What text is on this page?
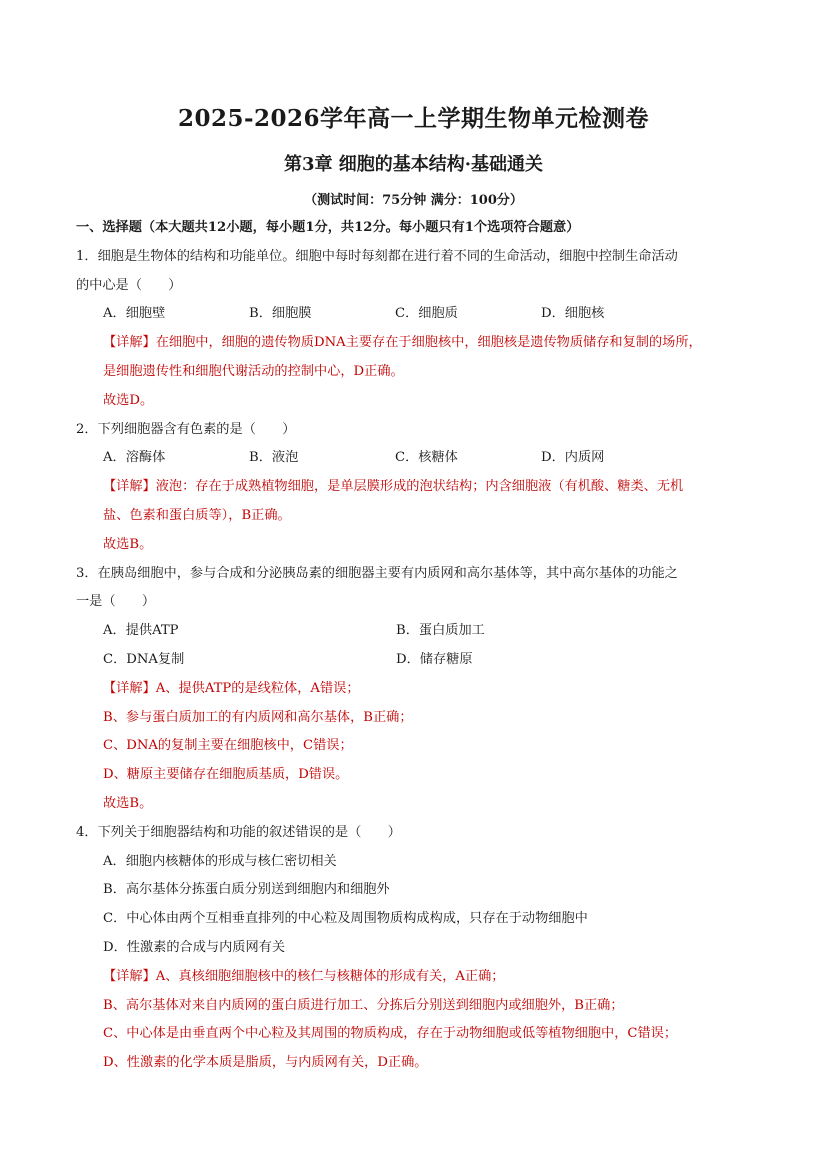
2025-2026学年高一上学期生物单元检测卷
第3章 细胞的基本结构·基础通关
（测试时间：75分钟 满分：100分）
一、选择题（本大题共12小题，每小题1分，共12分。每小题只有1个选项符合题意）
1．细胞是生物体的结构和功能单位。细胞中每时每刻都在进行着不同的生命活动，细胞中控制生命活动
的中心是（　　）
A．细胞壁	B．细胞膜	C．细胞质	D．细胞核
【详解】在细胞中，细胞的遗传物质DNA主要存在于细胞核中，细胞核是遗传物质储存和复制的场所，
是细胞遗传性和细胞代谢活动的控制中心，D正确。
故选D。
2．下列细胞器含有色素的是（　　）
A．溶酶体	B．液泡	C．核糖体	D．内质网
【详解】液泡：存在于成熟植物细胞，是单层膜形成的泡状结构；内含细胞液（有机酸、糖类、无机
盐、色素和蛋白质等），B正确。
故选B。
3．在胰岛细胞中，参与合成和分泌胰岛素的细胞器主要有内质网和高尔基体等，其中高尔基体的功能之
一是（　　）
A．提供ATP	B．蛋白质加工
C．DNA复制	D．储存糖原
【详解】A、提供ATP的是线粒体，A错误；
B、参与蛋白质加工的有内质网和高尔基体，B正确；
C、DNA的复制主要在细胞核中，C错误；
D、糖原主要储存在细胞质基质，D错误。
故选B。
4．下列关于细胞器结构和功能的叙述错误的是（　　）
A．细胞内核糖体的形成与核仁密切相关
B．高尔基体分拣蛋白质分别送到细胞内和细胞外
C．中心体由两个互相垂直排列的中心粒及周围物质构成构成，只存在于动物细胞中
D．性激素的合成与内质网有关
【详解】A、真核细胞细胞核中的核仁与核糖体的形成有关，A正确；
B、高尔基体对来自内质网的蛋白质进行加工、分拣后分别送到细胞内或细胞外，B正确；
C、中心体是由垂直两个中心粒及其周围的物质构成，存在于动物细胞或低等植物细胞中，C错误；
D、性激素的化学本质是脂质，与内质网有关，D正确。
